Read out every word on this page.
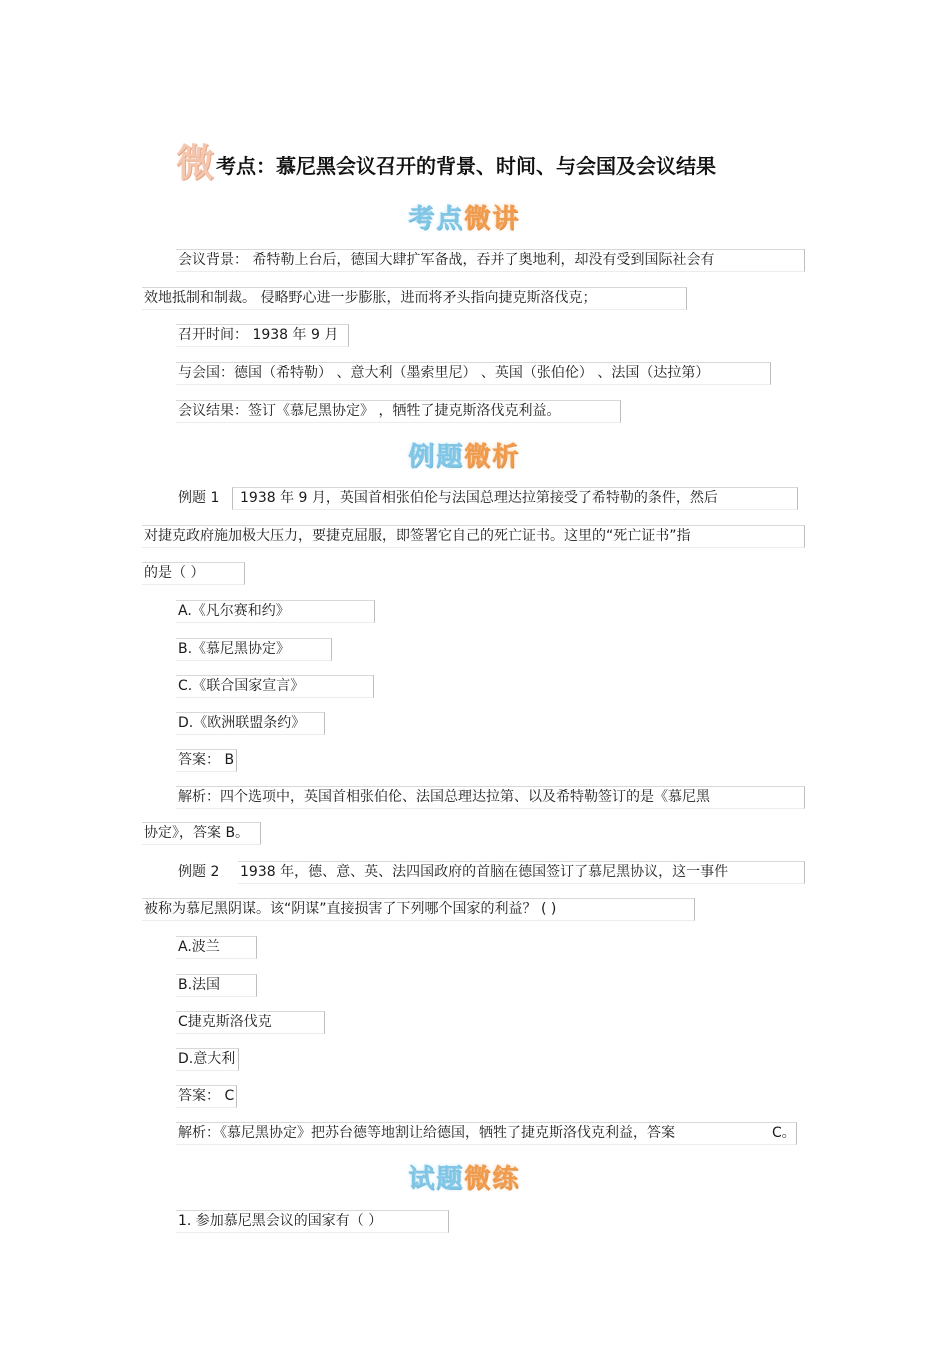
微 考点：慕尼黑会议召开的背景、时间、与会国及会议结果
考点微讲
会议背景： 希特勒上台后，德国大肆扩军备战，吞并了奥地利，却没有受到国际社会有
效地抵制和制裁。 侵略野心进一步膨胀，进而将矛头指向捷克斯洛伐克；
召开时间： 1938 年 9 月
与会国：德国（希特勒） 、意大利（墨索里尼） 、英国（张伯伦） 、法国（达拉第）
会议结果：签订《慕尼黑协定》 ，牺牲了捷克斯洛伐克利益。
例题微析
例题 1 1938 年 9 月，英国首相张伯伦与法国总理达拉第接受了希特勒的条件，然后
对捷克政府施加极大压力，要捷克屈服，即签署它自己的死亡证书。这里的“死亡证书”指
的是（ ）
A.《凡尔赛和约》
B.《慕尼黑协定》
C.《联合国家宣言》
D.《欧洲联盟条约》
答案： B
解析：四个选项中，英国首相张伯伦、法国总理达拉第、以及希特勒签订的是《慕尼黑
协定》，答案 B。
例题 2 1938 年，德、意、英、法四国政府的首脑在德国签订了慕尼黑协议，这一事件
被称为慕尼黑阴谋。该“阴谋”直接损害了下列哪个国家的利益？ ( )
A.波兰
B.法国
C捷克斯洛伐克
D.意大利
答案： C
解析：《慕尼黑协定》把苏台德等地割让给德国，牺牲了捷克斯洛伐克利益，答案	C。
试题微练
1. 参加慕尼黑会议的国家有（ ）
